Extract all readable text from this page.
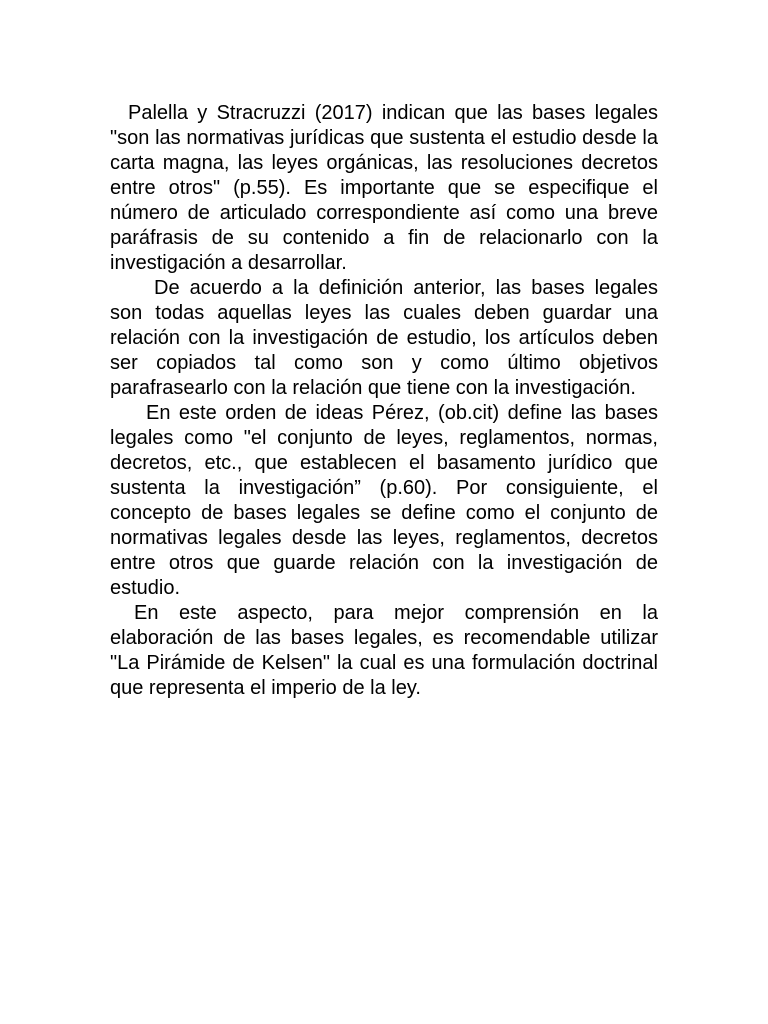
Palella y Stracruzzi (2017) indican que las bases legales "son las normativas jurídicas que sustenta el estudio desde la carta magna, las leyes orgánicas, las resoluciones decretos entre otros" (p.55). Es importante que se especifique el número de articulado correspondiente así como una breve paráfrasis de su contenido a fin de relacionarlo con la investigación a desarrollar.

De acuerdo a la definición anterior, las bases legales son todas aquellas leyes las cuales deben guardar una relación con la investigación de estudio, los artículos deben ser copiados tal como son y como último objetivos parafrasearlo con la relación que tiene con la investigación.

En este orden de ideas Pérez, (ob.cit) define las bases legales como "el conjunto de leyes, reglamentos, normas, decretos, etc., que establecen el basamento jurídico que sustenta la investigación” (p.60). Por consiguiente, el concepto de bases legales se define como el conjunto de normativas legales desde las leyes, reglamentos, decretos entre otros que guarde relación con la investigación de estudio.

En este aspecto, para mejor comprensión en la elaboración de las bases legales, es recomendable utilizar "La Pirámide de Kelsen" la cual es una formulación doctrinal que representa el imperio de la ley.
